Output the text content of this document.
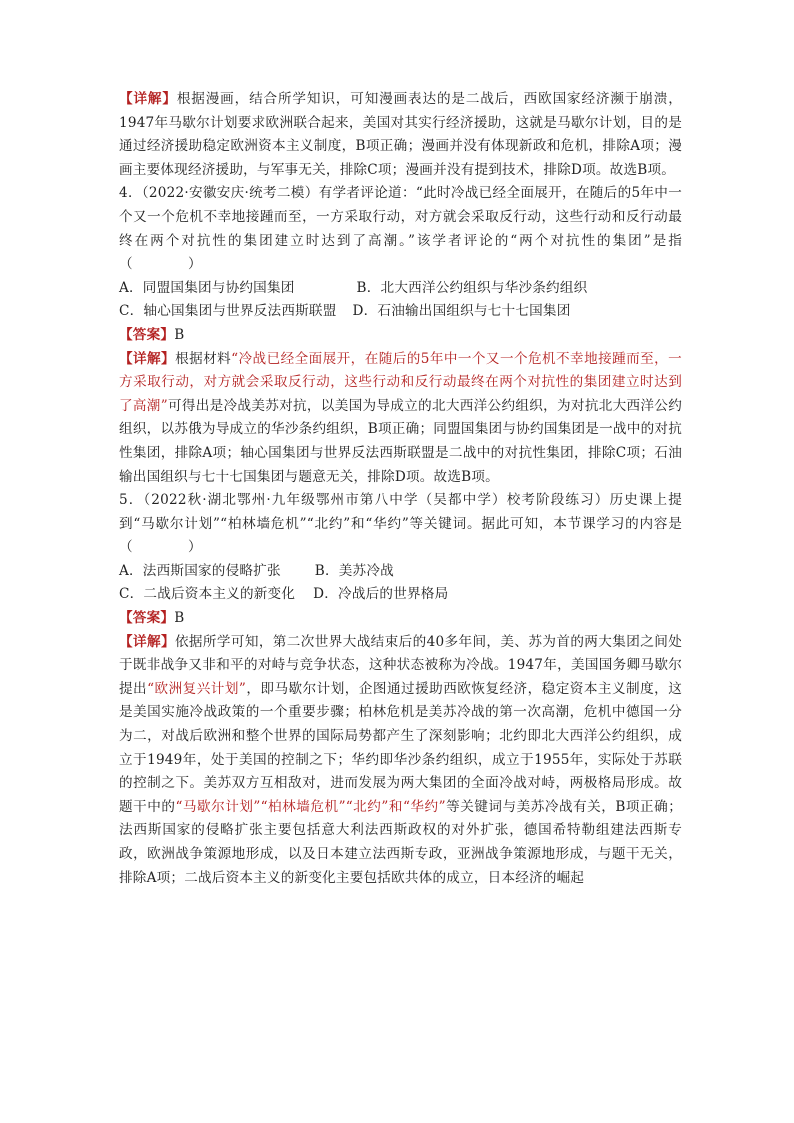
【详解】根据漫画，结合所学知识，可知漫画表达的是二战后，西欧国家经济濒于崩溃，1947年马歇尔计划要求欧洲联合起来，美国对其实行经济援助，这就是马歇尔计划，目的是通过经济援助稳定欧洲资本主义制度，B项正确；漫画并没有体现新政和危机，排除A项；漫画主要体现经济援助，与军事无关，排除C项；漫画并没有提到技术，排除D项。故选B项。

4．（2022·安徽安庆·统考二模）有学者评论道：“此时冷战已经全面展开，在随后的5年中一个又一个危机不幸地接踵而至，一方采取行动，对方就会采取反行动，这些行动和反行动最终在两个对抗性的集团建立时达到了高潮。”该学者评论的“两个对抗性的集团”是指（　　　　）

A．同盟国集团与协约国集团	B．北大西洋公约组织与华沙条约组织
C．轴心国集团与世界反法西斯联盟 D．石油输出国组织与七十七国集团

【答案】B

【详解】根据材料“冷战已经全面展开，在随后的5年中一个又一个危机不幸地接踵而至，一方采取行动，对方就会采取反行动，这些行动和反行动最终在两个对抗性的集团建立时达到了高潮”可得出是冷战美苏对抗，以美国为导成立的北大西洋公约组织，为对抗北大西洋公约组织，以苏俄为导成立的华沙条约组织，B项正确；同盟国集团与协约国集团是一战中的对抗性集团，排除A项；轴心国集团与世界反法西斯联盟是二战中的对抗性集团，排除C项；石油输出国组织与七十七国集团与题意无关，排除D项。故选B项。

5．（2022秋·湖北鄂州·九年级鄂州市第八中学（吴都中学）校考阶段练习）历史课上提到“马歇尔计划”“柏林墙危机”“北约”和“华约”等关键词。据此可知，本节课学习的内容是（　　　　）

A．法西斯国家的侵略扩张	B．美苏冷战
C．二战后资本主义的新变化 D．冷战后的世界格局

【答案】B

【详解】依据所学可知，第二次世界大战结束后的40多年间，美、苏为首的两大集团之间处于既非战争又非和平的对峙与竞争状态，这种状态被称为冷战。1947年，美国国务卿马歇尔提出“欧洲复兴计划”，即马歇尔计划，企图通过援助西欧恢复经济，稳定资本主义制度，这是美国实施冷战政策的一个重要步骤；柏林危机是美苏冷战的第一次高潮，危机中德国一分为二，对战后欧洲和整个世界的国际局势都产生了深刻影响；北约即北大西洋公约组织，成立于1949年，处于美国的控制之下；华约即华沙条约组织，成立于1955年，实际处于苏联的控制之下。美苏双方互相敌对，进而发展为两大集团的全面冷战对峙，两极格局形成。故题干中的“马歇尔计划”“柏林墙危机”“北约”和“华约”等关键词与美苏冷战有关，B项正确；法西斯国家的侵略扩张主要包括意大利法西斯政权的对外扩张，德国希特勒组建法西斯专政，欧洲战争策源地形成，以及日本建立法西斯专政，亚洲战争策源地形成，与题干无关，排除A项；二战后资本主义的新变化主要包括欧共体的成立，日本经济的崛起
